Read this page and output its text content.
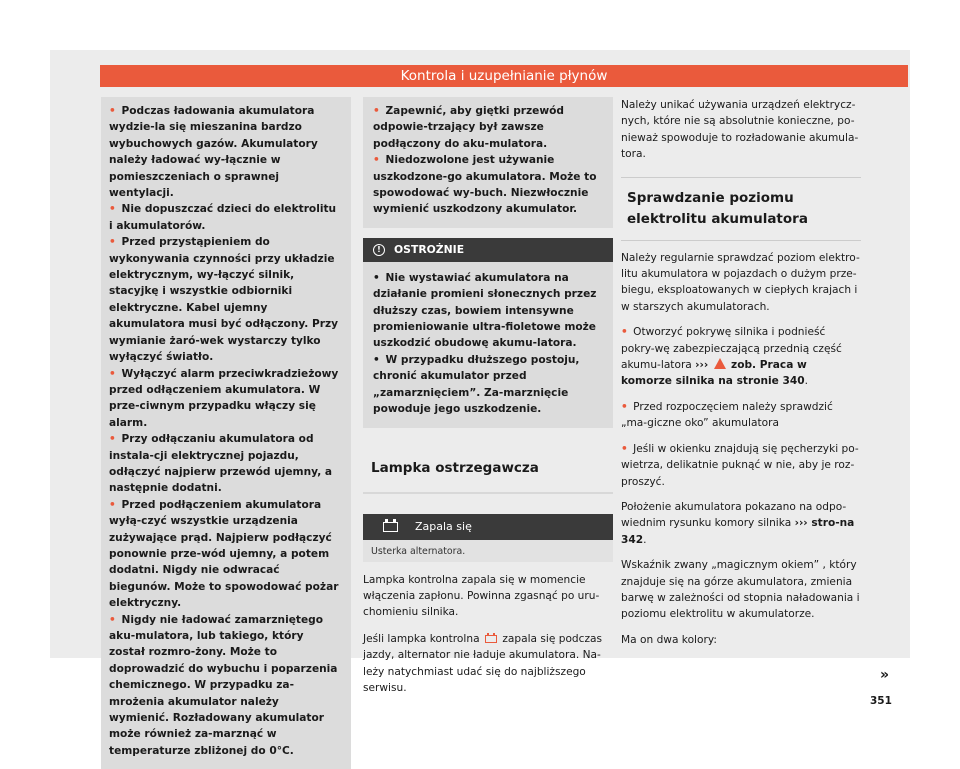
Kontrola i uzupełnianie płynów
• Podczas ładowania akumulatora wydzie-la się mieszanina bardzo wybuchowych gazów. Akumulatory należy ładować wy-łącznie w pomieszczeniach o sprawnej wentylacji.
• Nie dopuszczać dzieci do elektrolitu i akumulatorów.
• Przed przystąpieniem do wykonywania czynności przy układzie elektrycznym, wy-łączyć silnik, stacyjkę i wszystkie odbiorniki elektryczne. Kabel ujemny akumulatora musi być odłączony. Przy wymianie żaró-wek wystarczy tylko wyłączyć światło.
• Wyłączyć alarm przeciwkradzieżowy przed odłączeniem akumulatora. W prze-ciwnym przypadku włączy się alarm.
• Przy odłączaniu akumulatora od instala-cji elektrycznej pojazdu, odłączyć najpierw przewód ujemny, a następnie dodatni.
• Przed podłączeniem akumulatora wyłą-czyć wszystkie urządzenia zużywające prąd. Najpierw podłączyć ponownie prze-wód ujemny, a potem dodatni. Nigdy nie odwracać biegunów. Może to spowodować pożar elektryczny.
• Nigdy nie ładować zamarzniętego aku-mulatora, lub takiego, który został rozmro-żony. Może to doprowadzić do wybuchu i poparzenia chemicznego. W przypadku za-mrożenia akumulator należy wymienić. Rozładowany akumulator może również za-marznąć w temperaturze zbliżonej do 0°C.
• Zapewnić, aby giętki przewód odpowie-trzający był zawsze podłączony do aku-mulatora.
• Niedozwolone jest używanie uszkodzone-go akumulatora. Może to spowodować wy-buch. Niezwłocznie wymienić uszkodzony akumulator.
!	OSTROŻNIE
• Nie wystawiać akumulatora na działanie promieni słonecznych przez dłuższy czas, bowiem intensywne promieniowanie ultra-fioletowe może uszkodzić obudowę akumu-latora.
• W przypadku dłuższego postoju, chronić akumulator przed „zamarznięciem”. Za-marznięcie powoduje jego uszkodzenie.
Lampka ostrzegawcza
Zapala się
Usterka alternatora.

Lampka kontrolna zapala się w momencie włączenia zapłonu. Powinna zgasnąć po uru-chomieniu silnika.

Jeśli lampka kontrolna zapala się podczas jazdy, alternator nie ładuje akumulatora. Na-leży natychmiast udać się do najbliższego serwisu.

Należy unikać używania urządzeń elektrycz-nych, które nie są absolutnie konieczne, po-nieważ spowoduje to rozładowanie akumula-tora.

Sprawdzanie poziomu elektrolitu akumulatora

Należy regularnie sprawdzać poziom elektro-litu akumulatora w pojazdach o dużym prze-biegu, eksploatowanych w ciepłych krajach i w starszych akumulatorach.

• Otworzyć pokrywę silnika i podnieść pokry-wę zabezpieczającą przednią część akumu-latora ››› zob. Praca w komorze silnika na stronie 340.

• Przed rozpoczęciem należy sprawdzić „ma-giczne oko” akumulatora

• Jeśli w okienku znajdują się pęcherzyki po-wietrza, delikatnie puknąć w nie, aby je roz-proszyć.

Położenie akumulatora pokazano na odpo-wiednim rysunku komory silnika ››› stro-na 342.

Wskaźnik zwany „magicznym okiem” , który znajduje się na górze akumulatora, zmienia barwę w zależności od stopnia naładowania i poziomu elektrolitu w akumulatorze.

Ma on dwa kolory:

»
351
